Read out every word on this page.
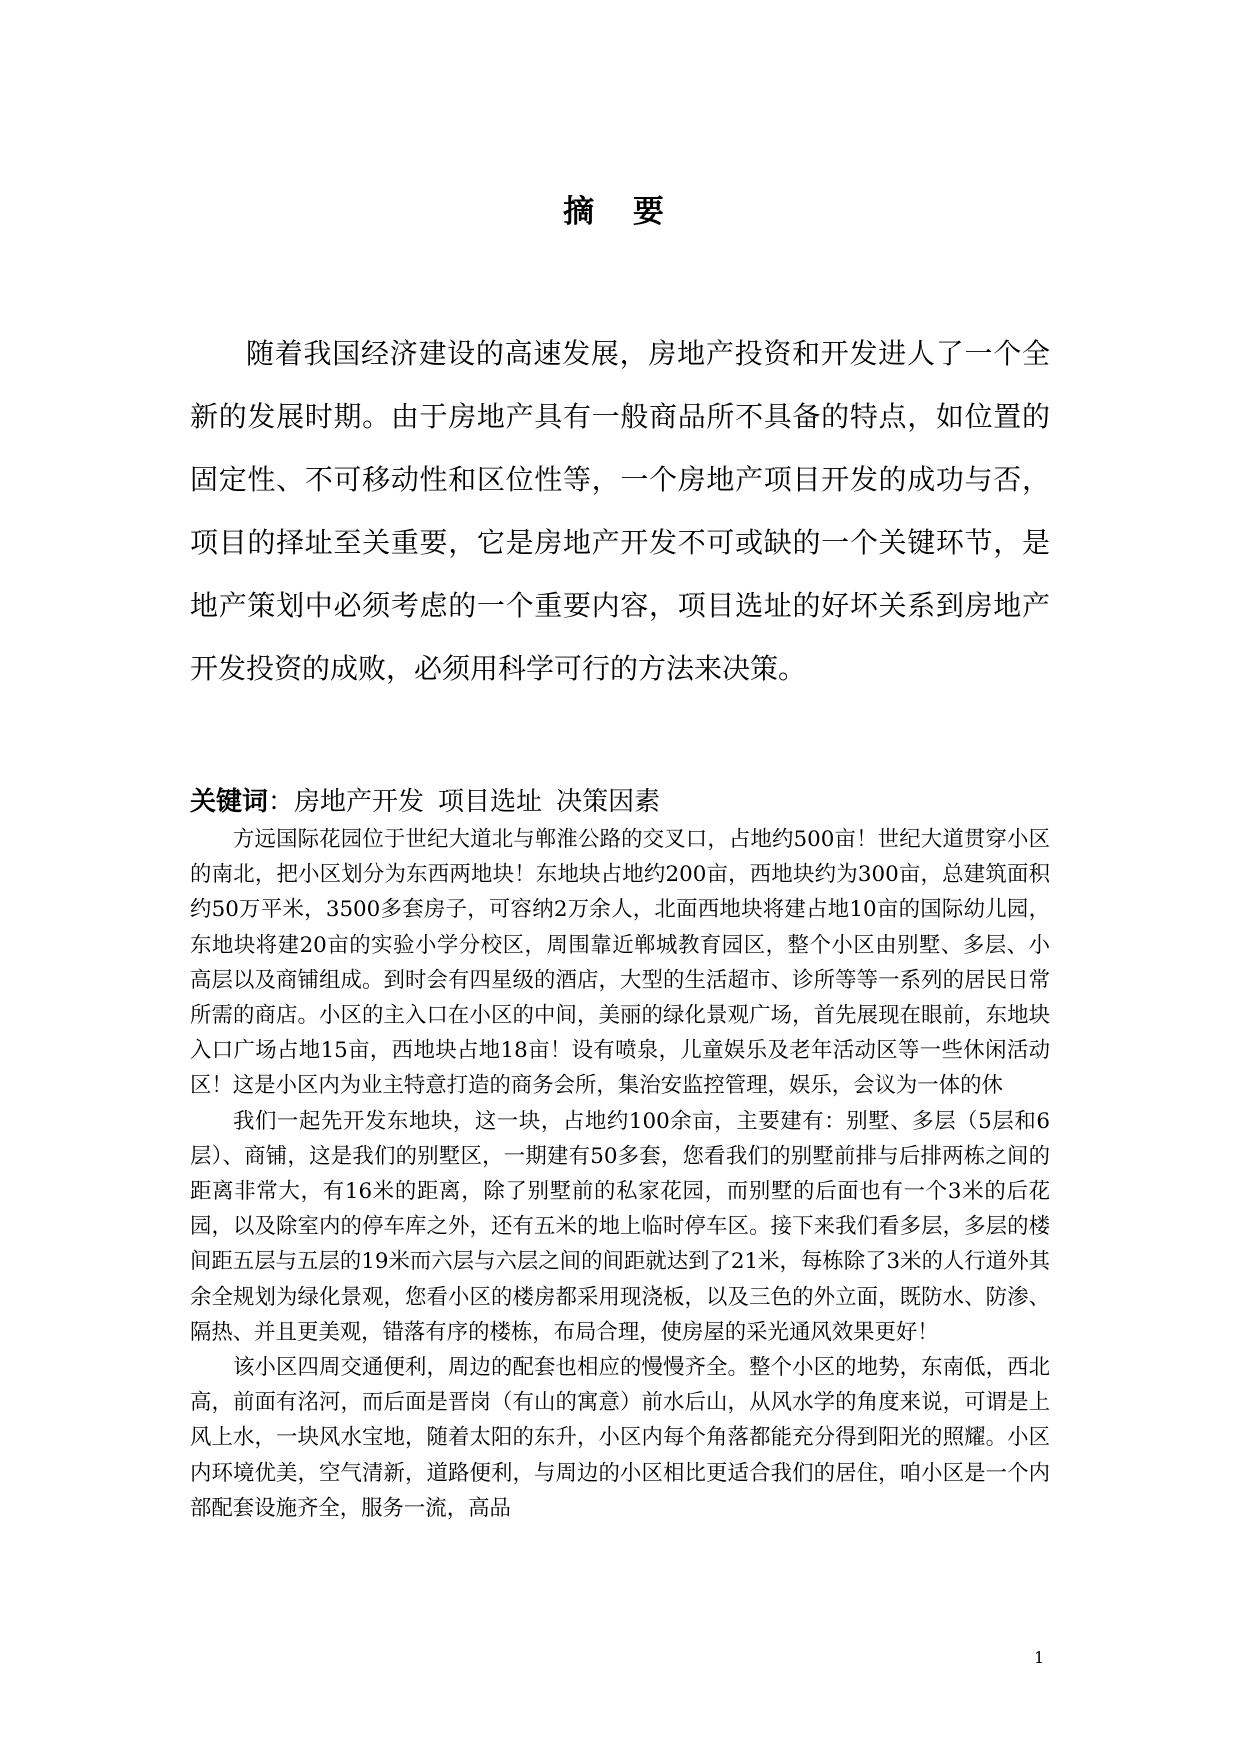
摘 要

随着我国经济建设的高速发展，房地产投资和开发进人了一个全新的发展时期。由于房地产具有一般商品所不具备的特点，如位置的固定性、不可移动性和区位性等，一个房地产项目开发的成功与否，项目的择址至关重要，它是房地产开发不可或缺的一个关键环节，是地产策划中必须考虑的一个重要内容，项目选址的好坏关系到房地产开发投资的成败，必须用科学可行的方法来决策。

关键词：房地产开发 项目选址 决策因素

方远国际花园位于世纪大道北与郸淮公路的交叉口，占地约500亩！世纪大道贯穿小区的南北，把小区划分为东西两地块！东地块占地约200亩，西地块约为300亩，总建筑面积约50万平米，3500多套房子，可容纳2万余人，北面西地块将建占地10亩的国际幼儿园，东地块将建20亩的实验小学分校区，周围靠近郸城教育园区，整个小区由别墅、多层、小高层以及商铺组成。到时会有四星级的酒店，大型的生活超市、诊所等等一系列的居民日常所需的商店。小区的主入口在小区的中间，美丽的绿化景观广场，首先展现在眼前，东地块入口广场占地15亩，西地块占地18亩！设有喷泉，儿童娱乐及老年活动区等一些休闲活动区！这是小区内为业主特意打造的商务会所，集治安监控管理，娱乐，会议为一体的休

我们一起先开发东地块，这一块，占地约100余亩，主要建有：别墅、多层（5层和6层）、商铺，这是我们的别墅区，一期建有50多套，您看我们的别墅前排与后排两栋之间的距离非常大，有16米的距离，除了别墅前的私家花园，而别墅的后面也有一个3米的后花园，以及除室内的停车库之外，还有五米的地上临时停车区。接下来我们看多层，多层的楼间距五层与五层的19米而六层与六层之间的间距就达到了21米，每栋除了3米的人行道外其余全规划为绿化景观，您看小区的楼房都采用现浇板，以及三色的外立面，既防水、防渗、隔热、并且更美观，错落有序的楼栋，布局合理，使房屋的采光通风效果更好！

该小区四周交通便利，周边的配套也相应的慢慢齐全。整个小区的地势，东南低，西北高，前面有洺河，而后面是晋岗（有山的寓意）前水后山，从风水学的角度来说，可谓是上风上水，一块风水宝地，随着太阳的东升，小区内每个角落都能充分得到阳光的照耀。小区内环境优美，空气清新，道路便利，与周边的小区相比更适合我们的居住，咱小区是一个内部配套设施齐全，服务一流，高品

1
